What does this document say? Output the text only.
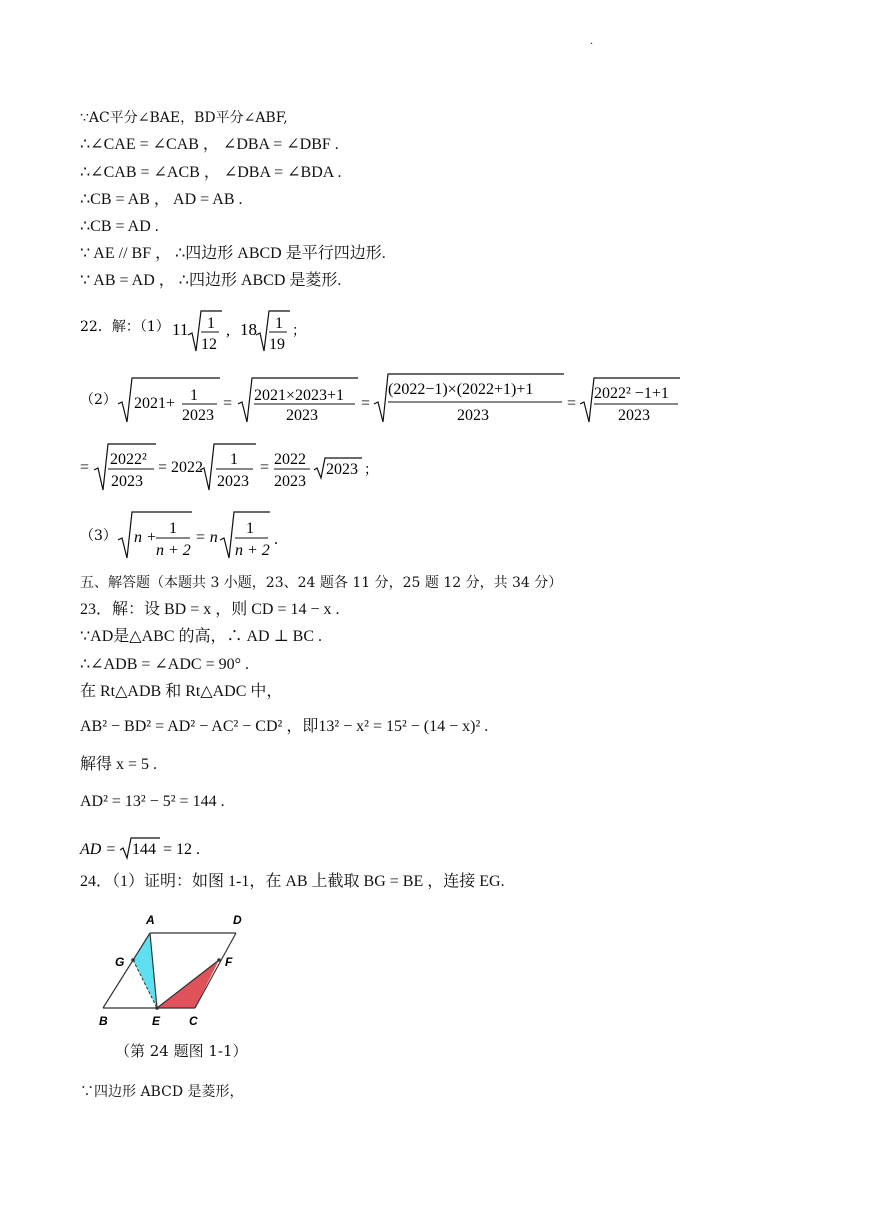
.
∵AC平分∠BAE，BD平分∠ABF,
∴∠CAE = ∠CAB ， ∠DBA = ∠DBF .
∴∠CAB = ∠ACB ， ∠DBA = ∠BDA .
∴CB = AB ， AD = AB .
∴CB = AD .
∵ AE // BF ， ∴四边形 ABCD 是平行四边形.
∵ AB = AD ， ∴四边形 ABCD 是菱形.
22．解：（1） 11 1
12
, 18 1
19
；
（2） 2021+ 1
2023
= 2021×2023+1
2023
=
(2022−1)×(2022+1)+1
2023
=
2022² −1+1
2023
= 2022²
2023
= 2022 1
2023
= 2022
2023
2023 ；
（3） n +
1
n + 2
= n
1
n + 2
.
五、解答题（本题共 3 小题，23、24 题各 11 分，25 题 12 分，共 34 分）
23．解：设 BD = x ，则 CD = 14 − x .
∵AD是△ABC 的高，∴ AD ⊥ BC .
∴∠ADB = ∠ADC = 90° .
在 Rt△ADB 和 Rt△ADC 中，
AB² − BD² = AD² − AC² − CD² ，即13² − x² = 15² − (14 − x)² .
解得 x = 5 .
AD² = 13² − 5² = 144 .
AD = 144 = 12 .
24．（1）证明：如图 1-1，在 AB 上截取 BG = BE ，连接 EG.
A	D
G	F
B	E C
（第 24 题图 1-1）
∵四边形 ABCD 是菱形，
